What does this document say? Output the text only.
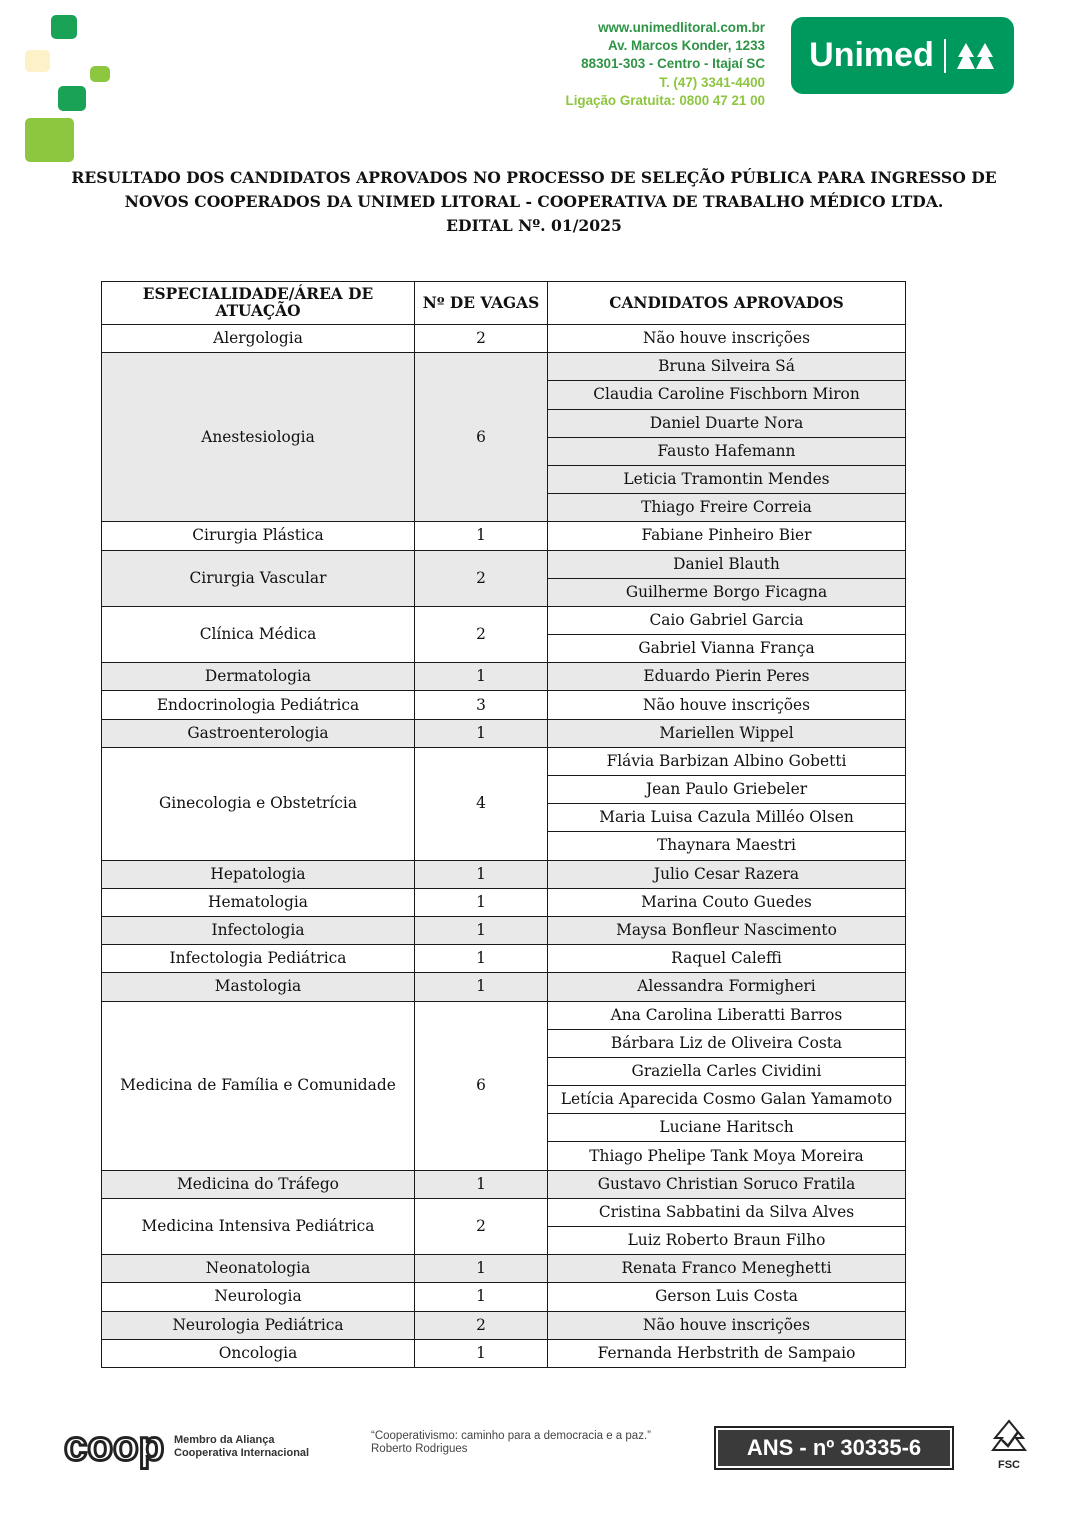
www.unimedlitoral.com.br
Av. Marcos Konder, 1233
88301-303 - Centro - Itajaí SC
T. (47) 3341-4400
Ligação Gratuita: 0800 47 21 00
Unimed
RESULTADO DOS CANDIDATOS APROVADOS NO PROCESSO DE SELEÇÃO PÚBLICA PARA INGRESSO DE
NOVOS COOPERADOS DA UNIMED LITORAL - COOPERATIVA DE TRABALHO MÉDICO LTDA.
EDITAL Nº. 01/2025
ESPECIALIDADE/ÁREA DE ATUAÇÃO	Nº DE VAGAS	CANDIDATOS APROVADOS
Alergologia	2	Não houve inscrições
Anestesiologia	6	Bruna Silveira Sá
		Claudia Caroline Fischborn Miron
		Daniel Duarte Nora
		Fausto Hafemann
		Leticia Tramontin Mendes
		Thiago Freire Correia
Cirurgia Plástica	1	Fabiane Pinheiro Bier
Cirurgia Vascular	2	Daniel Blauth
		Guilherme Borgo Ficagna
Clínica Médica	2	Caio Gabriel Garcia
		Gabriel Vianna França
Dermatologia	1	Eduardo Pierin Peres
Endocrinologia Pediátrica	3	Não houve inscrições
Gastroenterologia	1	Mariellen Wippel
Ginecologia e Obstetrícia	4	Flávia Barbizan Albino Gobetti
		Jean Paulo Griebeler
		Maria Luisa Cazula Milléo Olsen
		Thaynara Maestri
Hepatologia	1	Julio Cesar Razera
Hematologia	1	Marina Couto Guedes
Infectologia	1	Maysa Bonfleur Nascimento
Infectologia Pediátrica	1	Raquel Caleffi
Mastologia	1	Alessandra Formigheri
Medicina de Família e Comunidade	6	Ana Carolina Liberatti Barros
		Bárbara Liz de Oliveira Costa
		Graziella Carles Cividini
		Letícia Aparecida Cosmo Galan Yamamoto
		Luciane Haritsch
		Thiago Phelipe Tank Moya Moreira
Medicina do Tráfego	1	Gustavo Christian Soruco Fratila
Medicina Intensiva Pediátrica	2	Cristina Sabbatini da Silva Alves
		Luiz Roberto Braun Filho
Neonatologia	1	Renata Franco Meneghetti
Neurologia	1	Gerson Luis Costa
Neurologia Pediátrica	2	Não houve inscrições
Oncologia	1	Fernanda Herbstrith de Sampaio
coop Membro da Aliança
Cooperativa Internacional
“Cooperativismo: caminho para a democracia e a paz.”
Roberto Rodrigues	ANS - nº 30335-6
FSC
